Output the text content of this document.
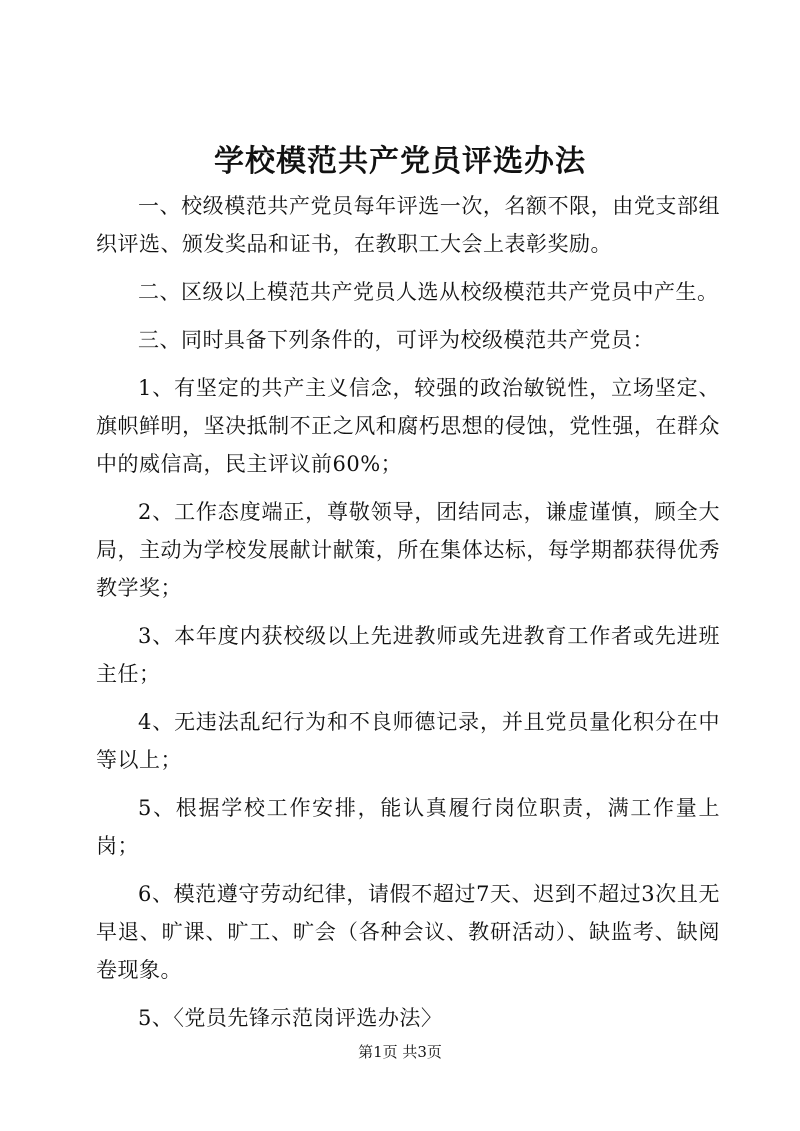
学校模范共产党员评选办法

一、校级模范共产党员每年评选一次，名额不限，由党支部组织评选、颁发奖品和证书，在教职工大会上表彰奖励。

二、区级以上模范共产党员人选从校级模范共产党员中产生。

三、同时具备下列条件的，可评为校级模范共产党员：

1、有坚定的共产主义信念，较强的政治敏锐性，立场坚定、旗帜鲜明，坚决抵制不正之风和腐朽思想的侵蚀，党性强，在群众中的威信高，民主评议前60%；

2、工作态度端正，尊敬领导，团结同志，谦虚谨慎，顾全大局，主动为学校发展献计献策，所在集体达标，每学期都获得优秀教学奖；

3、本年度内获校级以上先进教师或先进教育工作者或先进班主任；

4、无违法乱纪行为和不良师德记录，并且党员量化积分在中等以上；

5、根据学校工作安排，能认真履行岗位职责，满工作量上岗；

6、模范遵守劳动纪律，请假不超过7天、迟到不超过3次且无早退、旷课、旷工、旷会（各种会议、教研活动）、缺监考、缺阅卷现象。

5、〈党员先锋示范岗评选办法〉

第1页 共3页
